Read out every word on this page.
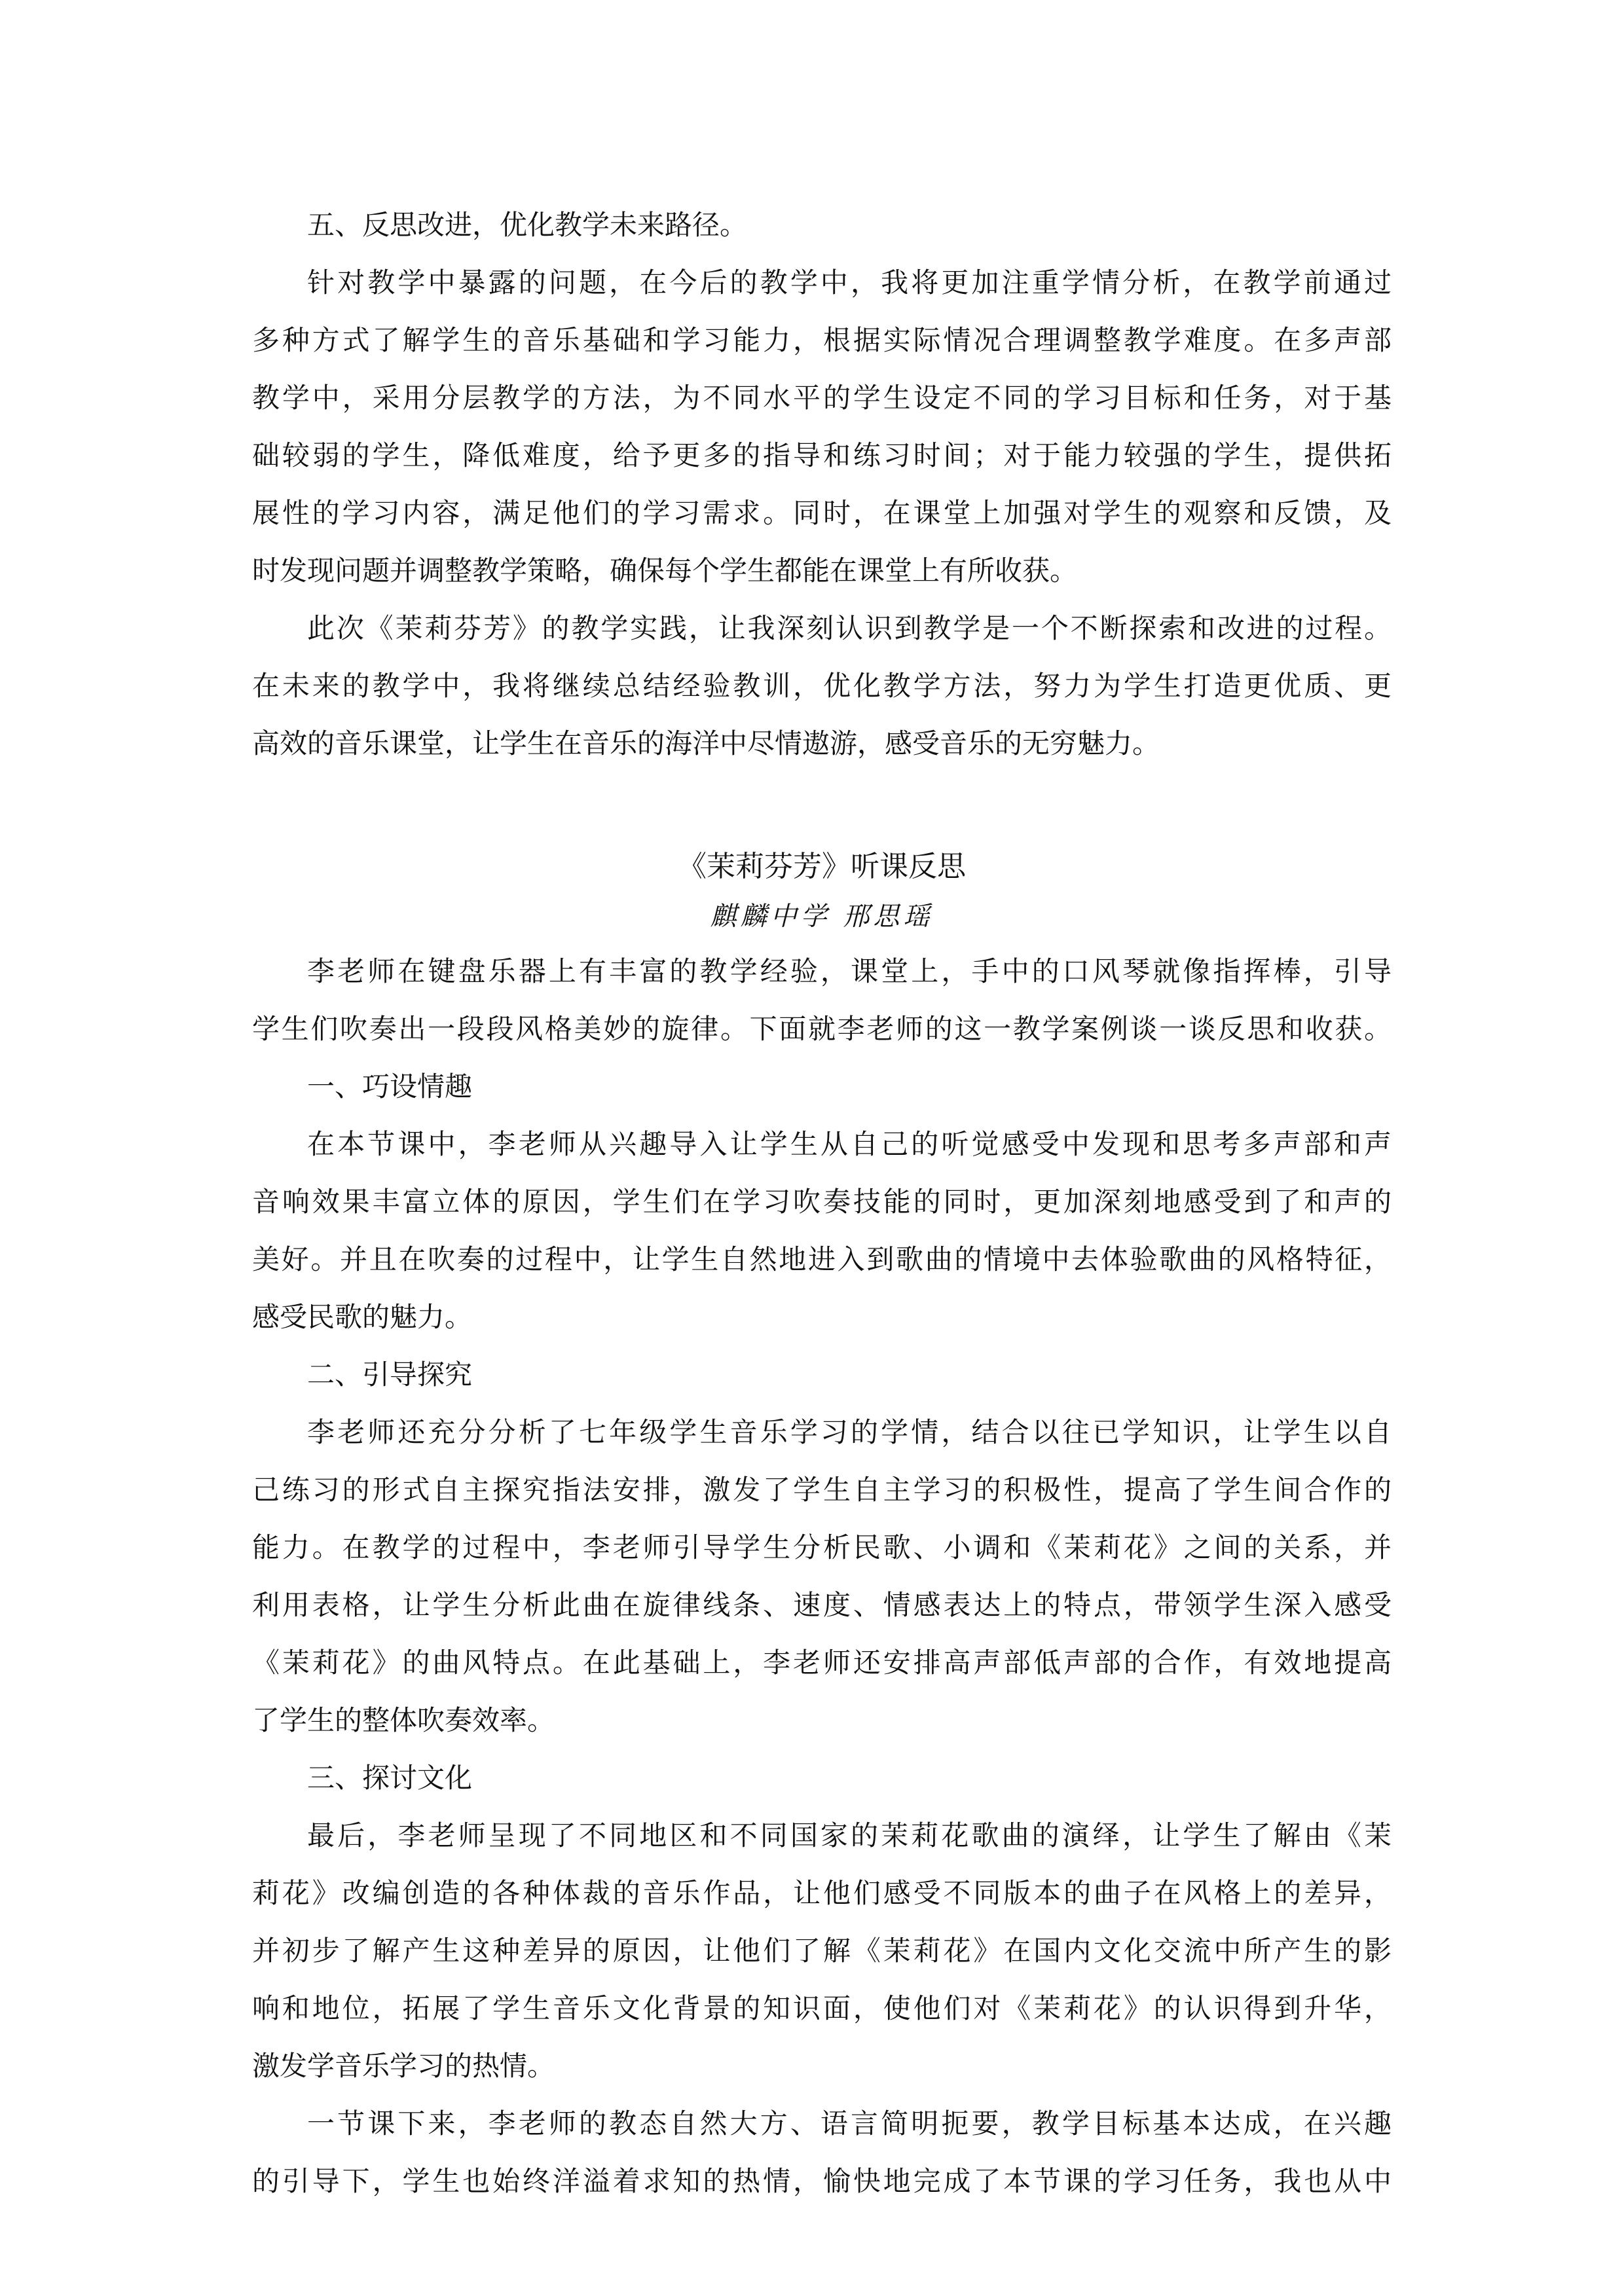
五、反思改进，优化教学未来路径。
针对教学中暴露的问题，在今后的教学中，我将更加注重学情分析，在教学前通过
多种方式了解学生的音乐基础和学习能力，根据实际情况合理调整教学难度。在多声部
教学中，采用分层教学的方法，为不同水平的学生设定不同的学习目标和任务，对于基
础较弱的学生，降低难度，给予更多的指导和练习时间；对于能力较强的学生，提供拓
展性的学习内容，满足他们的学习需求。同时，在课堂上加强对学生的观察和反馈，及
时发现问题并调整教学策略，确保每个学生都能在课堂上有所收获。
此次《茉莉芬芳》的教学实践，让我深刻认识到教学是一个不断探索和改进的过程。
在未来的教学中，我将继续总结经验教训，优化教学方法，努力为学生打造更优质、更
高效的音乐课堂，让学生在音乐的海洋中尽情遨游，感受音乐的无穷魅力。
《茉莉芬芳》听课反思
麒麟中学 邢思瑶
李老师在键盘乐器上有丰富的教学经验，课堂上，手中的口风琴就像指挥棒，引导
学生们吹奏出一段段风格美妙的旋律。下面就李老师的这一教学案例谈一谈反思和收获。
一、巧设情趣
在本节课中，李老师从兴趣导入让学生从自己的听觉感受中发现和思考多声部和声
音响效果丰富立体的原因，学生们在学习吹奏技能的同时，更加深刻地感受到了和声的
美好。并且在吹奏的过程中，让学生自然地进入到歌曲的情境中去体验歌曲的风格特征，
感受民歌的魅力。
二、引导探究
李老师还充分分析了七年级学生音乐学习的学情，结合以往已学知识，让学生以自
己练习的形式自主探究指法安排，激发了学生自主学习的积极性，提高了学生间合作的
能力。在教学的过程中，李老师引导学生分析民歌、小调和《茉莉花》之间的关系，并
利用表格，让学生分析此曲在旋律线条、速度、情感表达上的特点，带领学生深入感受
《茉莉花》的曲风特点。在此基础上，李老师还安排高声部低声部的合作，有效地提高
了学生的整体吹奏效率。
三、探讨文化
最后，李老师呈现了不同地区和不同国家的茉莉花歌曲的演绎，让学生了解由《茉
莉花》改编创造的各种体裁的音乐作品，让他们感受不同版本的曲子在风格上的差异，
并初步了解产生这种差异的原因，让他们了解《茉莉花》在国内文化交流中所产生的影
响和地位，拓展了学生音乐文化背景的知识面，使他们对《茉莉花》的认识得到升华，
激发学音乐学习的热情。
一节课下来，李老师的教态自然大方、语言简明扼要，教学目标基本达成，在兴趣
的引导下，学生也始终洋溢着求知的热情，愉快地完成了本节课的学习任务，我也从中
